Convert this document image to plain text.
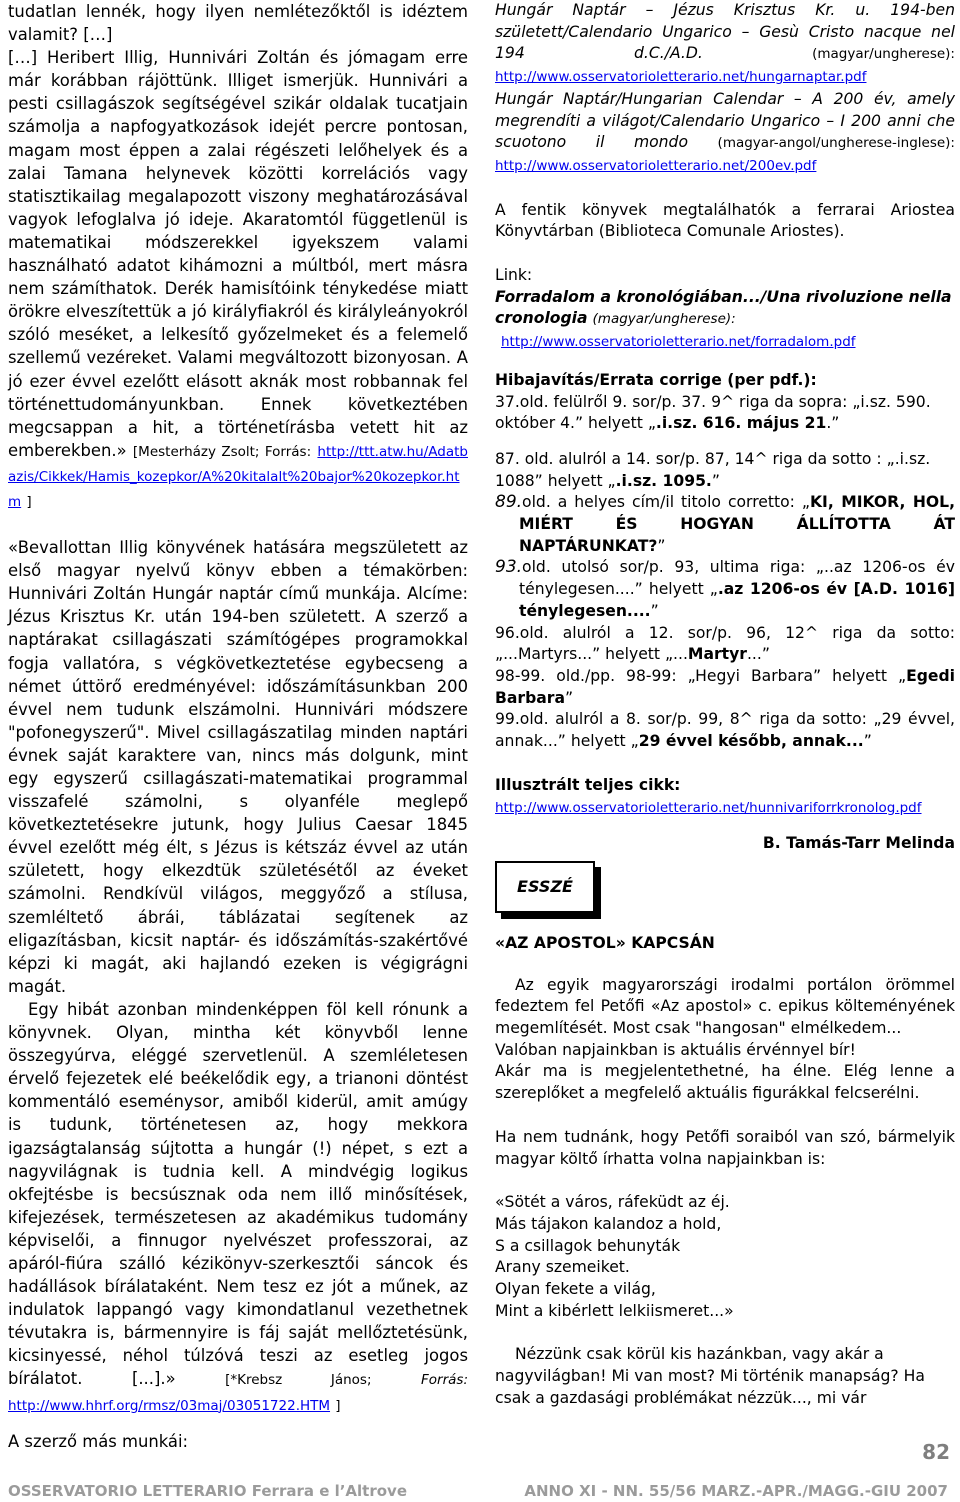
tudatlan lennék, hogy ilyen nemlétezőktől is idéztem valamit? […]

[…] Heribert Illig, Hunnivári Zoltán és jómagam erre már korábban rájöttünk. Illiget ismerjük. Hunnivári a pesti csillagászok segítségével szikár oldalak tucatjain számolja a napfogyatkozások idejét percre pontosan, magam most éppen a zalai régészeti lelőhelyek és a zalai Tamana helynevek közötti korrelációs vagy statisztikailag megalapozott viszony meghatározásával vagyok lefoglalva jó ideje. Akaratomtól függetlenül is matematikai módszerekkel igyekszem valami használható adatot kihámozni a múltból, mert másra nem számíthatok. Derék hamisítóink ténykedése miatt örökre elveszítettük a jó királyfiakról és királyleányokról szóló meséket, a lelkesítő győzelmeket és a felemelő szellemű vezéreket. Valami megváltozott bizonyosan. A jó ezer évvel ezelőtt elásott aknák most robbannak fel történettudományunkban. Ennek következtében megcsappan a hit, a történetírásba vetett hit az emberekben.» [Mesterházy Zsolt; Forrás: http://ttt.atw.hu/Adatbazis/Cikkek/Hamis_kozepkor/A%20kitalalt%20bajor%20kozepkor.htm ]

«Bevallottan Illig könyvének hatására megszületett az első magyar nyelvű könyv ebben a témakörben: Hunnivári Zoltán Hungár naptár című munkája. Alcíme: Jézus Krisztus Kr. után 194-ben született. A szerző a naptárakat csillagászati számítógépes programokkal fogja vallatóra, s végkövetkeztetése egybecseng a német úttörő eredményével: időszámításunkban 200 évvel nem tudunk elszámolni. Hunnivári módszere "pofonegyszerű". Mivel csillagászatilag minden naptári évnek saját karaktere van, nincs más dolgunk, mint egy egyszerű csillagászati-matematikai programmal visszafelé számolni, s olyanféle meglepő következtetésekre jutunk, hogy Julius Caesar 1845 évvel ezelőtt még élt, s Jézus is kétszáz évvel az után született, hogy elkezdtük születésétől az éveket számolni. Rendkívül világos, meggyőző a stílusa, szemléltető ábrái, táblázatai segítenek az eligazításban, kicsit naptár- és időszámítás-szakértővé képzi ki magát, aki hajlandó ezeken is végigrágni magát.

Egy hibát azonban mindenképpen föl kell rónunk a könyvnek. Olyan, mintha két könyvből lenne összegyúrva, eléggé szervetlenül. A szemléletesen érvelő fejezetek elé beékelődik egy, a trianoni döntést kommentáló eseménysor, amiből kiderül, amit amúgy is tudunk, történetesen az, hogy mekkora igazságtalanság sújtotta a hungár (!) népet, s ezt a nagyvilágnak is tudnia kell. A mindvégig logikus okfejtésbe is becsúsznak oda nem illő minősítések, kifejezések, természetesen az akadémikus tudomány képviselői, a finnugor nyelvészet professzorai, az apáról-fiúra szálló kézikönyv-szerkesztői sáncok és hadállások bírálataként. Nem tesz ez jót a műnek, az indulatok lappangó vagy kimondatlanul vezethetnek tévutakra is, bármennyire is fáj saját mellőztetésünk, kicsinyessé, néhol túlzóvá teszi az esetleg jogos bírálatot. [...].»	[*Krebsz János;	Forrás: http://www.hhrf.org/rmsz/03maj/03051722.HTM ]

A szerző más munkái:

Hungár Naptár – Jézus Krisztus Kr. u. 194-ben született/Calendario Ungarico – Gesù Cristo nacque nel 194 d.C./A.D.	(magyar/ungherese): http://www.osservatorioletterario.net/hungarnaptar.pdf

Hungár Naptár/Hungarian Calendar – A 200 év, amely megrendíti a világot/Calendario Ungarico – I 200 anni che scuotono il mondo (magyar-angol/ungherese-inglese): http://www.osservatorioletterario.net/200ev.pdf

A fentik könyvek megtalálhatók a ferrarai Ariostea Könyvtárban (Biblioteca Comunale Ariostes).

Link:

Forradalom a kronológiában.../Una rivoluzione nella cronologia (magyar/ungherese):

http://www.osservatorioletterario.net/forradalom.pdf

Hibajavítás/Errata corrige (per pdf.):

37.old. felülről 9. sor/p. 37. 9^ riga da sopra: „i.sz. 590. október 4.” helyett „.i.sz. 616. május 21.”

87. old. alulról a 14. sor/p. 87, 14^ riga da sotto : „.i.sz. 1088” helyett „.i.sz. 1095.”

89.old. a helyes cím/il titolo corretto: „KI, MIKOR, HOL, MIÉRT ÉS HOGYAN ÁLLÍTOTTA ÁT NAPTÁRUNKAT?”

93.old. utolsó sor/p. 93, ultima riga: „..az 1206-os év ténylegesen....” helyett „.az 1206-os év [A.D. 1016] ténylegesen....”

96.old. alulról a 12. sor/p. 96, 12^ riga da sotto: „...Martyrs...” helyett „...Martyr...”

98-99. old./pp. 98-99: „Hegyi Barbara” helyett „Egedi Barbara”

99.old. alulról a 8. sor/p. 99, 8^ riga da sotto: „29 évvel, annak...” helyett „29 évvel később, annak...”

Illusztrált teljes cikk:

http://www.osservatorioletterario.net/hunnivariforrkronolog.pdf

B. Tamás-Tarr Melinda

ESSZÉ

«AZ APOSTOL» KAPCSÁN

Az egyik magyarországi irodalmi portálon örömmel fedeztem fel Petőfi «Az apostol» c. epikus költeményének megemlítését. Most csak "hangosan" elmélkedem...

Valóban napjainkban is aktuális érvénnyel bír!

Akár ma is megjelentethetné, ha élne. Elég lenne a szereplőket a megfelelő aktuális figurákkal felcserélni.

Ha nem tudnánk, hogy Petőfi soraiból van szó, bármelyik magyar költő írhatta volna napjainkban is:

«Sötét a város, ráfeküdt az éj.
Más tájakon kalandoz a hold,
S a csillagok behunyták
Arany szemeiket.
Olyan fekete a világ,
Mint a kibérlett lelkiismeret...»

Nézzünk csak körül kis hazánkban, vagy akár a nagyvilágban! Mi van most? Mi történik manapság? Ha csak a gazdasági problémákat nézzük..., mi vár

82
OSSERVATORIO LETTERARIO Ferrara e l’Altrove	ANNO XI - NN. 55/56 MARZ.-APR./MAGG.-GIU 2007
